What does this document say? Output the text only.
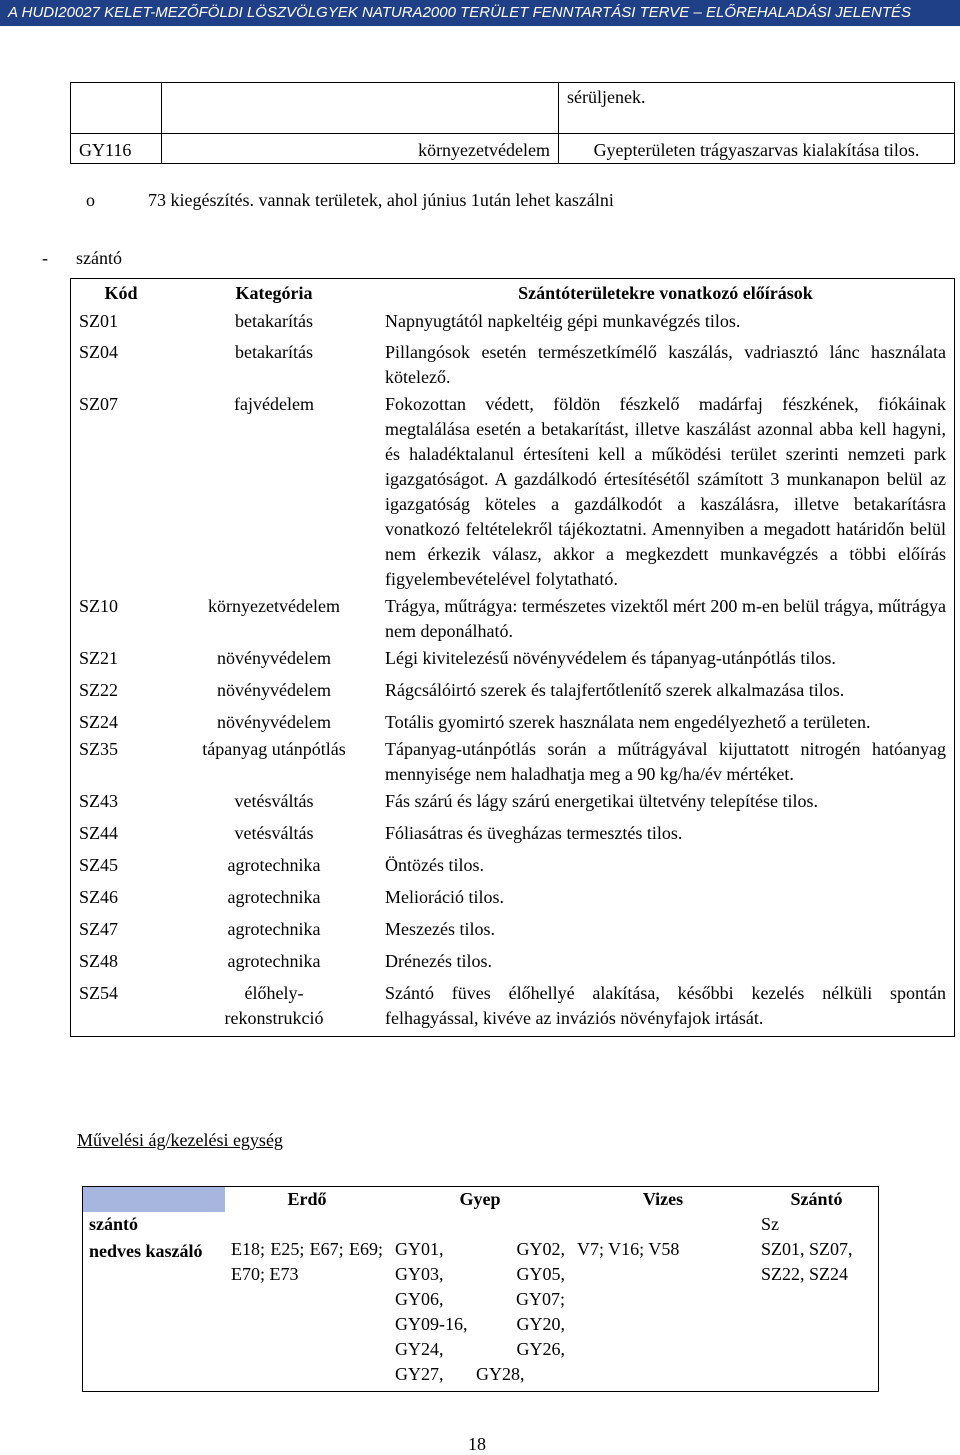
A HUDI20027 KELET-MEZŐFÖLDI LÖSZVÖLGYEK NATURA2000 TERÜLET FENNTARTÁSI TERVE – ELŐREHALADÁSI JELENTÉS
		sérüljenek.
GY116	környezetvédelem	Gyepterületen trágyaszarvas kialakítása tilos.
o	73 kiegészítés. vannak területek, ahol június 1után lehet kaszálni
- szántó
Kód	Kategória	Szántóterületekre vonatkozó előírások
SZ01	betakarítás	Napnyugtától napkeltéig gépi munkavégzés tilos.
SZ04	betakarítás	Pillangósok esetén természetkímélő kaszálás, vadriasztó lánc használata kötelező.
SZ07	fajvédelem	Fokozottan védett, földön fészkelő madárfaj fészkének, fiókáinak megtalálása esetén a betakarítást, illetve kaszálást azonnal abba kell hagyni, és haladéktalanul értesíteni kell a működési terület szerinti nemzeti park igazgatóságot. A gazdálkodó értesítésétől számított 3 munkanapon belül az igazgatóság köteles a gazdálkodót a kaszálásra, illetve betakarításra vonatkozó feltételekről tájékoztatni. Amennyiben a megadott határidőn belül nem érkezik válasz, akkor a megkezdett munkavégzés a többi előírás figyelembevételével folytatható.
SZ10	környezetvédelem	Trágya, műtrágya: természetes vizektől mért 200 m-en belül trágya, műtrágya nem deponálható.
SZ21	növényvédelem	Légi kivitelezésű növényvédelem és tápanyag-utánpótlás tilos.
SZ22	növényvédelem	Rágcsálóirtó szerek és talajfertőtlenítő szerek alkalmazása tilos.
SZ24	növényvédelem	Totális gyomirtó szerek használata nem engedélyezhető a területen.
SZ35	tápanyag utánpótlás	Tápanyag-utánpótlás során a műtrágyával kijuttatott nitrogén hatóanyag mennyisége nem haladhatja meg a 90 kg/ha/év mértéket.
SZ43	vetésváltás	Fás szárú és lágy szárú energetikai ültetvény telepítése tilos.
SZ44	vetésváltás	Fóliasátras és üvegházas termesztés tilos.
SZ45	agrotechnika	Öntözés tilos.
SZ46	agrotechnika	Melioráció tilos.
SZ47	agrotechnika	Meszezés tilos.
SZ48	agrotechnika	Drénezés tilos.
SZ54	élőhely-rekonstrukció	Szántó füves élőhellyé alakítása, későbbi kezelés nélküli spontán felhagyással, kivéve az inváziós növényfajok irtását.
Művelési ág/kezelési egység
	Erdő	Gyep	Vizes	Szántó
szántó				Sz
nedves kaszáló	E18; E25; E67; E69; E70; E73	GY01, GY02, GY03, GY05, GY06, GY07; GY09-16, GY20, GY24, GY26, GY27, GY28,	V7; V16; V58	SZ01, SZ07, SZ22, SZ24
18
